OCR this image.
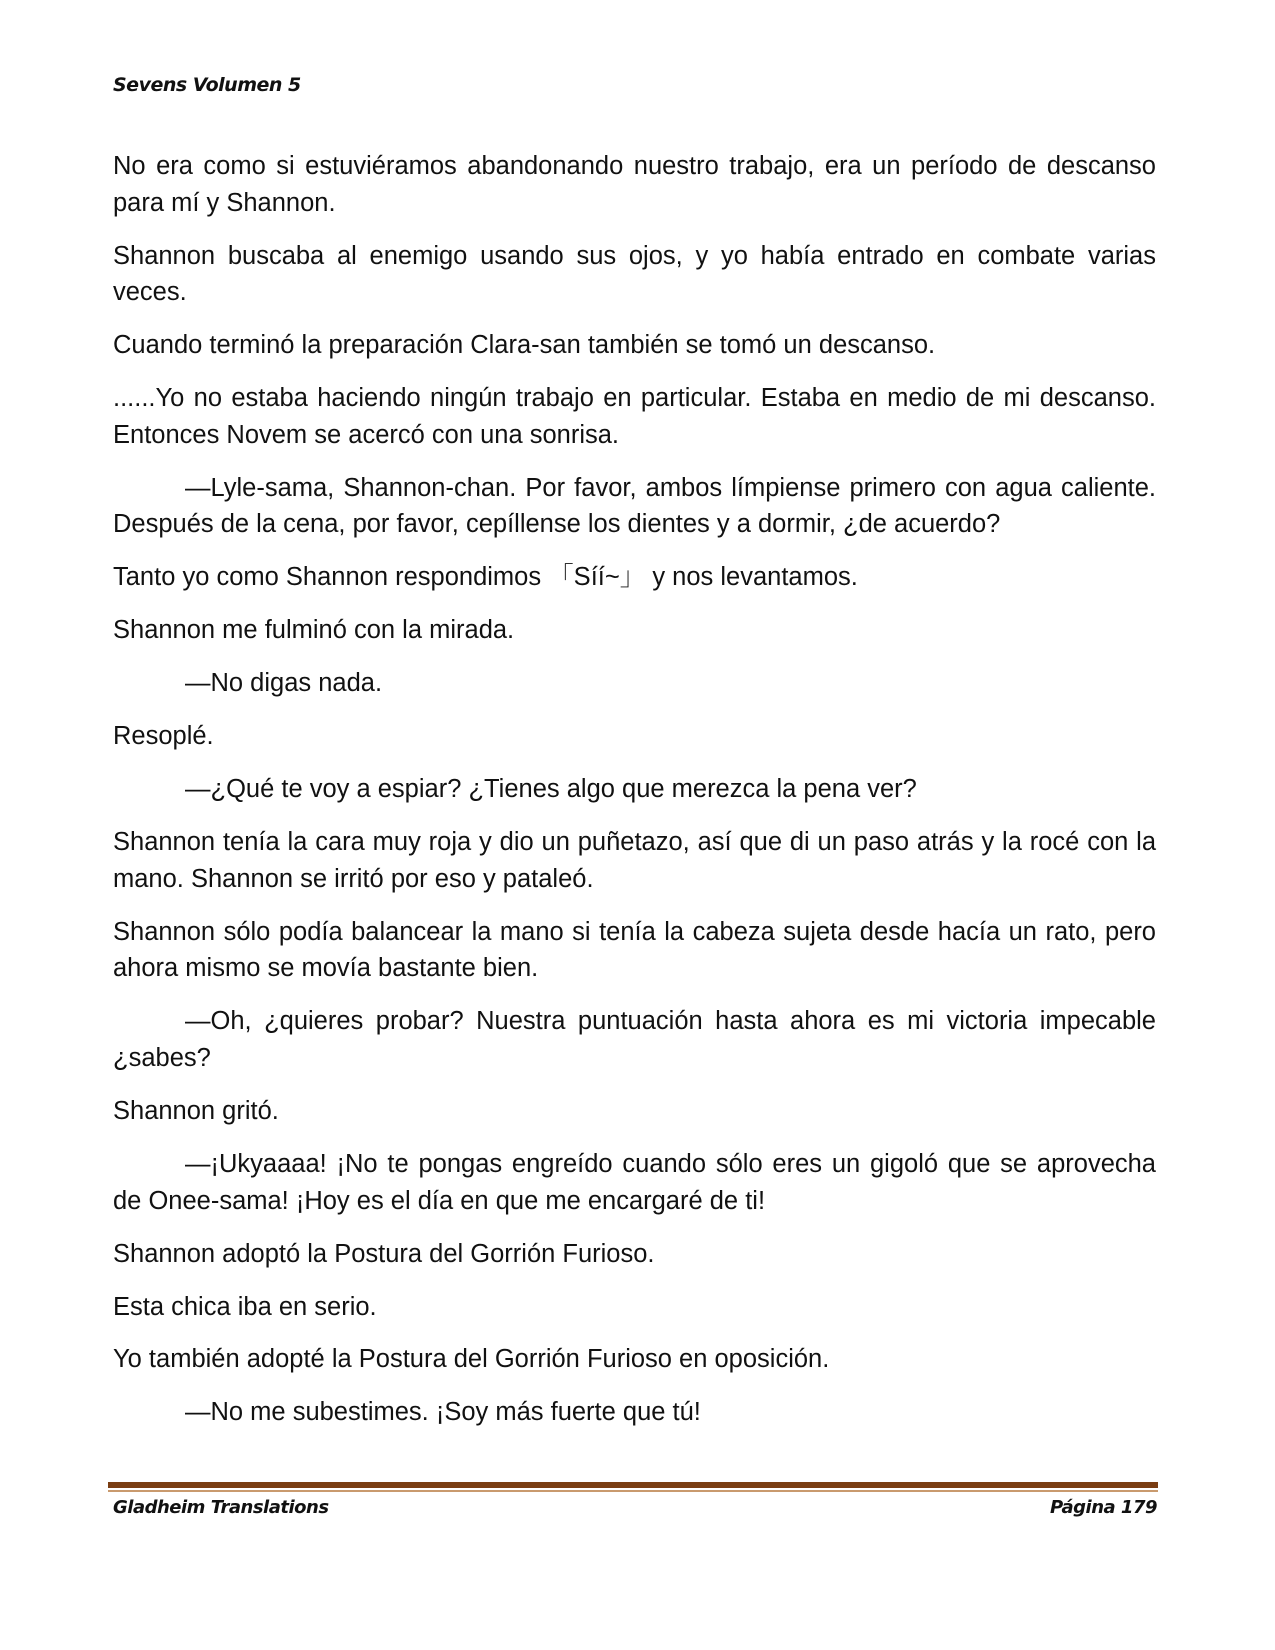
Sevens Volumen 5

No era como si estuviéramos abandonando nuestro trabajo, era un período de descanso para mí y Shannon.

Shannon buscaba al enemigo usando sus ojos, y yo había entrado en combate varias veces.

Cuando terminó la preparación Clara-san también se tomó un descanso.

......Yo no estaba haciendo ningún trabajo en particular. Estaba en medio de mi descanso. Entonces Novem se acercó con una sonrisa.

—Lyle-sama, Shannon-chan. Por favor, ambos límpiense primero con agua caliente. Después de la cena, por favor, cepíllense los dientes y a dormir, ¿de acuerdo?

Tanto yo como Shannon respondimos 「Síí~」 y nos levantamos.

Shannon me fulminó con la mirada.

—No digas nada.

Resoplé.

—¿Qué te voy a espiar? ¿Tienes algo que merezca la pena ver?

Shannon tenía la cara muy roja y dio un puñetazo, así que di un paso atrás y la rocé con la mano. Shannon se irritó por eso y pataleó.

Shannon sólo podía balancear la mano si tenía la cabeza sujeta desde hacía un rato, pero ahora mismo se movía bastante bien.

—Oh, ¿quieres probar? Nuestra puntuación hasta ahora es mi victoria impecable ¿sabes?

Shannon gritó.

—¡Ukyaaaa! ¡No te pongas engreído cuando sólo eres un gigoló que se aprovecha de Onee-sama! ¡Hoy es el día en que me encargaré de ti!

Shannon adoptó la Postura del Gorrión Furioso.

Esta chica iba en serio.

Yo también adopté la Postura del Gorrión Furioso en oposición.

—No me subestimes. ¡Soy más fuerte que tú!

Gladheim Translations	Página 179
